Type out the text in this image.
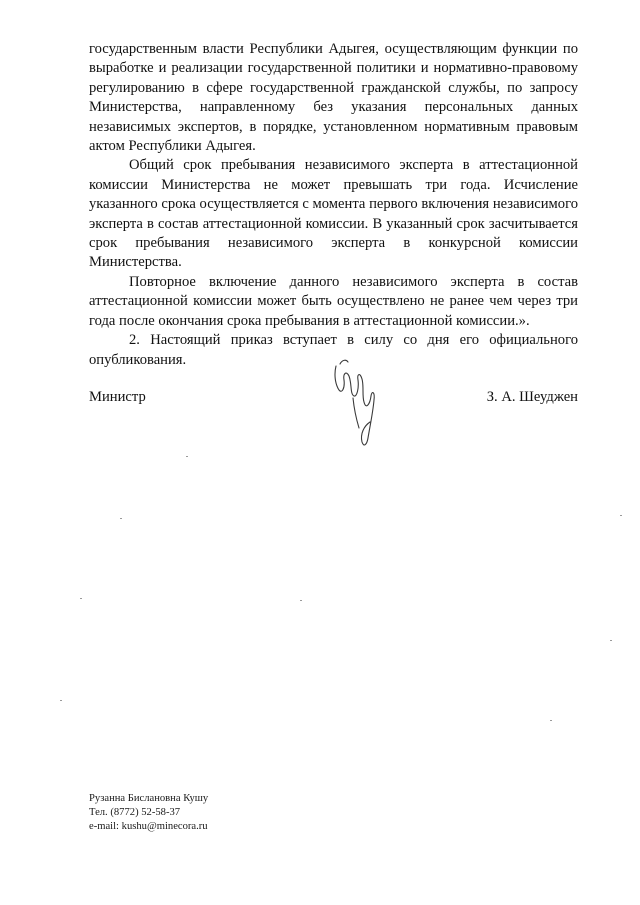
государственным власти Республики Адыгея, осуществляющим функции по выработке и реализации государственной политики и нормативно-правовому регулированию в сфере государственной гражданской службы, по запросу Министерства, направленному без указания персональных данных независимых экспертов, в порядке, установленном нормативным правовым актом Республики Адыгея.

Общий срок пребывания независимого эксперта в аттестационной комиссии Министерства не может превышать три года. Исчисление указанного срока осуществляется с момента первого включения независимого эксперта в состав аттестационной комиссии. В указанный срок засчитывается срок пребывания независимого эксперта в конкурсной комиссии Министерства.

Повторное включение данного независимого эксперта в состав аттестационной комиссии может быть осуществлено не ранее чем через три года после окончания срока пребывания в аттестационной комиссии.».

2. Настоящий приказ вступает в силу со дня его официального опубликования.

Министр	З. А. Шеуджен
Рузанна Бислановна Кушу
Тел. (8772) 52-58-37
e-mail: kushu@minecora.ru
